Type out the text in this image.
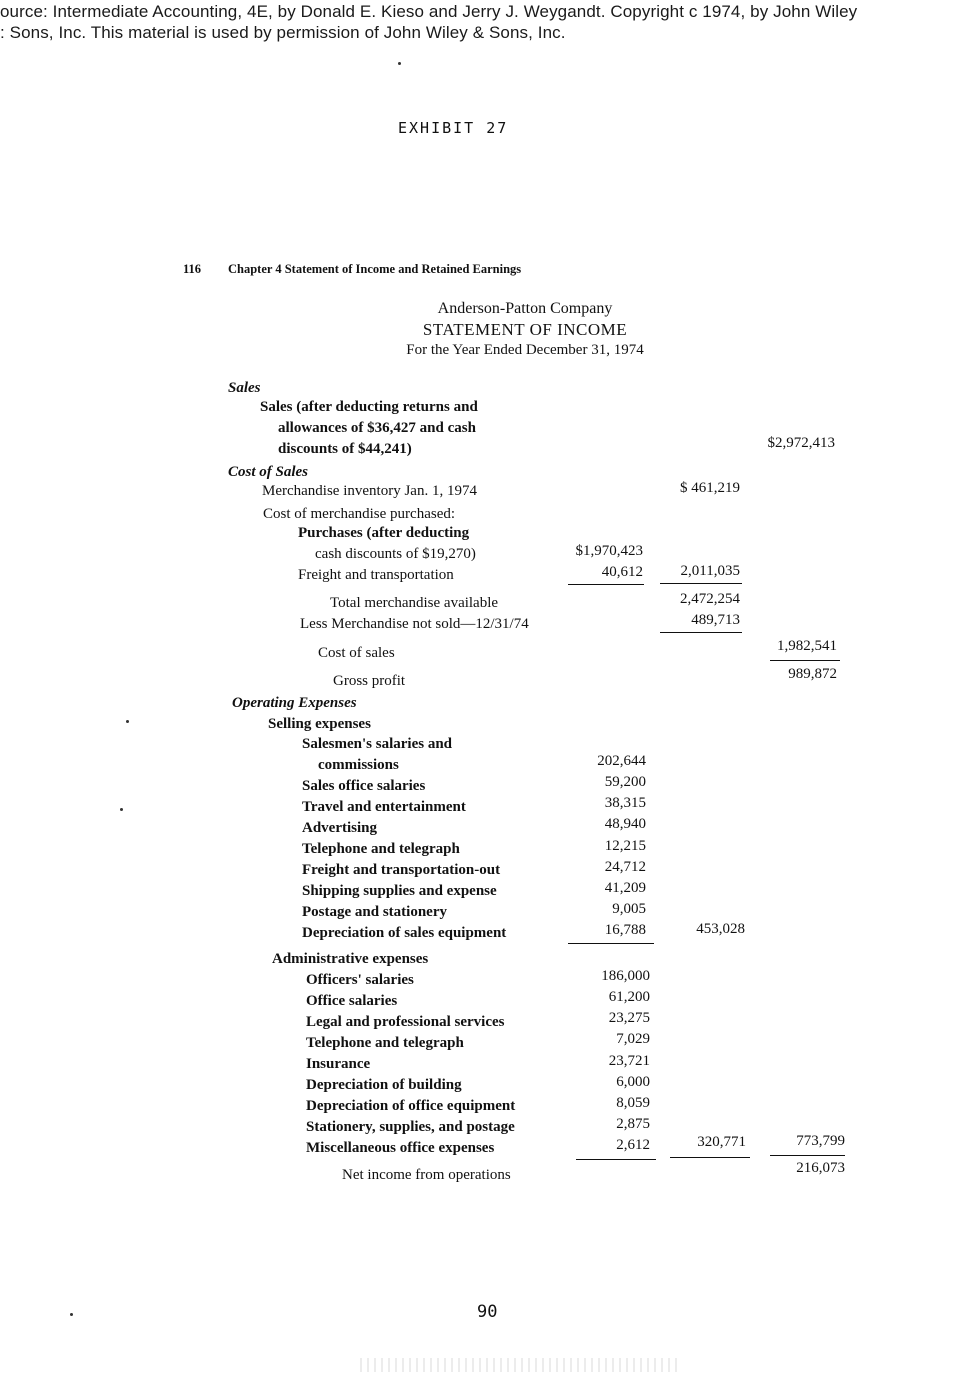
ource: Intermediate Accounting, 4E, by Donald E. Kieso and Jerry J. Weygandt. Copyright c 1974, by John Wiley
: Sons, Inc. This material is used by permission of John Wiley & Sons, Inc.
EXHIBIT 27
116 Chapter 4 Statement of Income and Retained Earnings
Anderson-Patton Company
STATEMENT OF INCOME
For the Year Ended December 31, 1974
Sales
Sales (after deducting returns and
allowances of $36,427 and cash
discounts of $44,241)	$2,972,413
Cost of Sales
Merchandise inventory Jan. 1, 1974	$ 461,219
Cost of merchandise purchased:
Purchases (after deducting
cash discounts of $19,270)	$1,970,423
Freight and transportation	40,612	2,011,035
Total merchandise available	2,472,254
Less Merchandise not sold—12/31/74	489,713
Cost of sales	1,982,541
Gross profit	989,872
Operating Expenses
Selling expenses
Salesmen's salaries and
commissions	202,644
Sales office salaries	59,200
Travel and entertainment	38,315
Advertising	48,940
Telephone and telegraph	12,215
Freight and transportation-out	24,712
Shipping supplies and expense	41,209
Postage and stationery	9,005
Depreciation of sales equipment	16,788	453,028
Administrative expenses
Officers' salaries	186,000
Office salaries	61,200
Legal and professional services	23,275
Telephone and telegraph	7,029
Insurance	23,721
Depreciation of building	6,000
Depreciation of office equipment	8,059
Stationery, supplies, and postage	2,875
Miscellaneous office expenses	2,612	320,771	773,799
Net income from operations	216,073
90
